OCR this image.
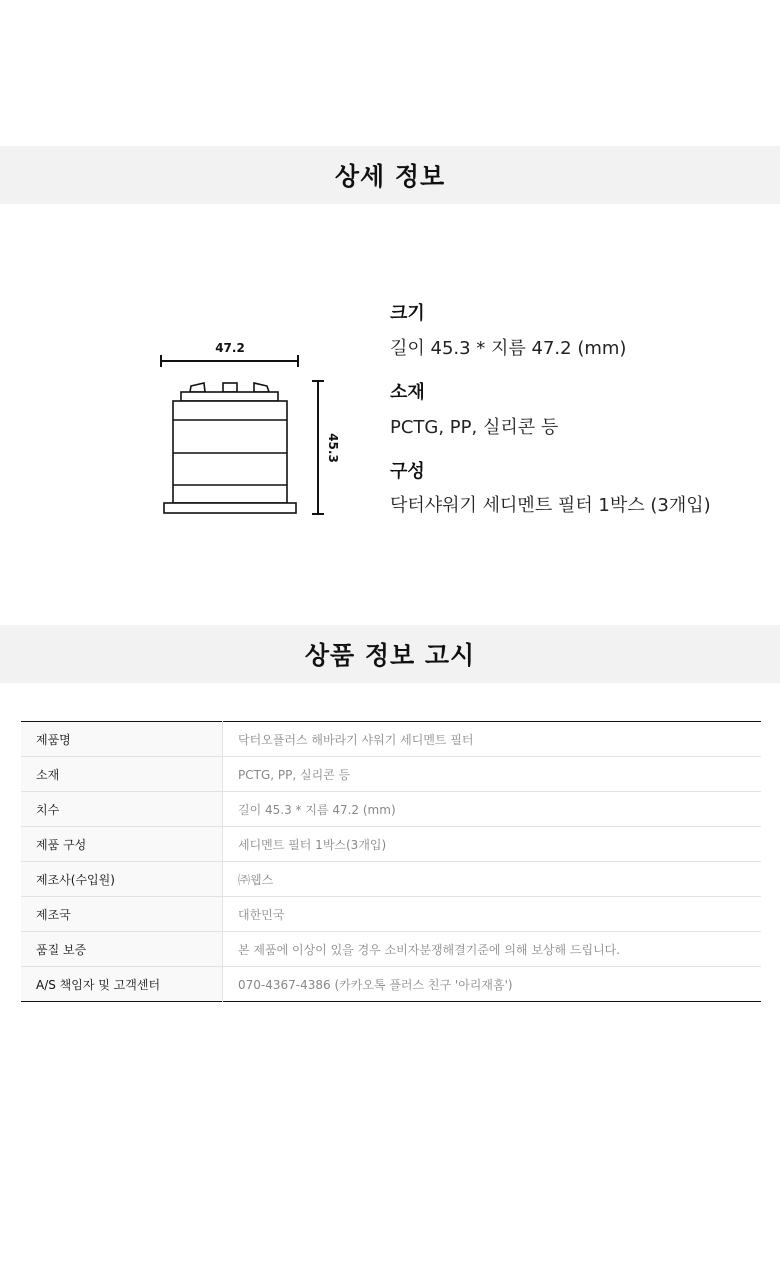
상세 정보
47.2
45.3
크기
길이 45.3 * 지름 47.2 (mm)
소재
PCTG, PP, 실리콘 등
구성
닥터샤워기 세디멘트 필터 1박스 (3개입)
상품 정보 고시
제품명	닥터오플러스 해바라기 샤워기 세디멘트 필터
소재	PCTG, PP, 실리콘 등
치수	길이 45.3 * 지름 47.2 (mm)
제품 구성	세디멘트 필터 1박스(3개입)
제조사(수입원)	㈜웹스
제조국	대한민국
품질 보증	본 제품에 이상이 있을 경우 소비자분쟁해결기준에 의해 보상해 드립니다.
A/S 책임자 및 고객센터	070-4367-4386 (카카오톡 플러스 친구 '아리재홈')
